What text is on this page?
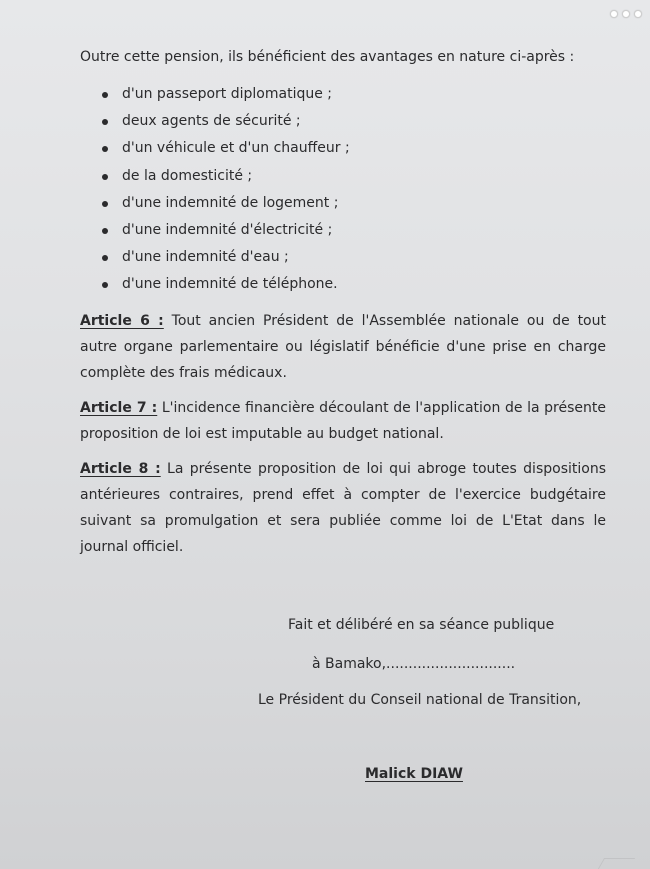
Outre cette pension, ils bénéficient des avantages en nature ci-après :

d'un passeport diplomatique ;
deux agents de sécurité ;
d'un véhicule et d'un chauffeur ;
de la domesticité ;
d'une indemnité de logement ;
d'une indemnité d'électricité ;
d'une indemnité d'eau ;
d'une indemnité de téléphone.

Article 6 : Tout ancien Président de l'Assemblée nationale ou de tout autre organe parlementaire ou législatif bénéficie d'une prise en charge complète des frais médicaux.

Article 7 : L'incidence financière découlant de l'application de la présente proposition de loi est imputable au budget national.

Article 8 : La présente proposition de loi qui abroge toutes dispositions antérieures contraires, prend effet à compter de l'exercice budgétaire suivant sa promulgation et sera publiée comme loi de L'Etat dans le journal officiel.

Fait et délibéré en sa séance publique
à Bamako,.............................
Le Président du Conseil national de Transition,
Malick DIAW
